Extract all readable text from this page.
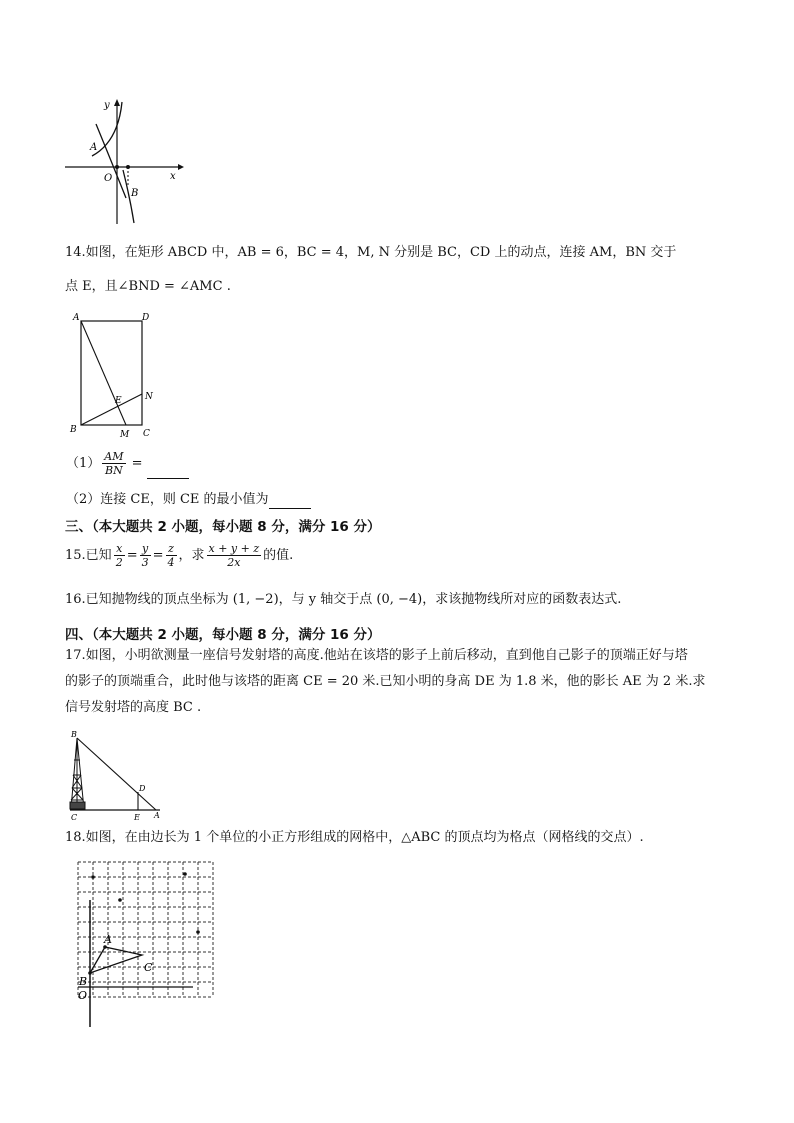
y
x
O
A
B
14.如图，在矩形 ABCD 中，AB = 6，BC = 4，M, N 分别是 BC，CD 上的动点，连接 AM，BN 交于
点 E，且∠BND = ∠AMC .
A	D
B	C
M
N
E
$(1) \frac{AM}{BN}$ =
（2）连接 CE，则 CE 的最小值为
三、（本大题共 2 小题，每小题 8 分，满分 16 分）
15.已知 $\frac{x}{2} = \frac{y}{3} = \frac{z}{4}$ ，求 $\frac{x + y + z}{2x}$ 的值.
16.已知抛物线的顶点坐标为 (1, −2)，与 y 轴交于点 (0, −4)，求该抛物线所对应的函数表达式.
四、（本大题共 2 小题，每小题 8 分，满分 16 分）
17.如图，小明欲测量一座信号发射塔的高度.他站在该塔的影子上前后移动，直到他自己影子的顶端正好与塔
的影子的顶端重合，此时他与该塔的距离 CE = 20 米.已知小明的身高 DE 为 1.8 米，他的影长 AE 为 2 米.求
信号发射塔的高度 BC .
B
D
C	E A
18.如图，在由边长为 1 个单位的小正方形组成的网格中，△ABC 的顶点均为格点（网格线的交点）.
A
B
C
O
